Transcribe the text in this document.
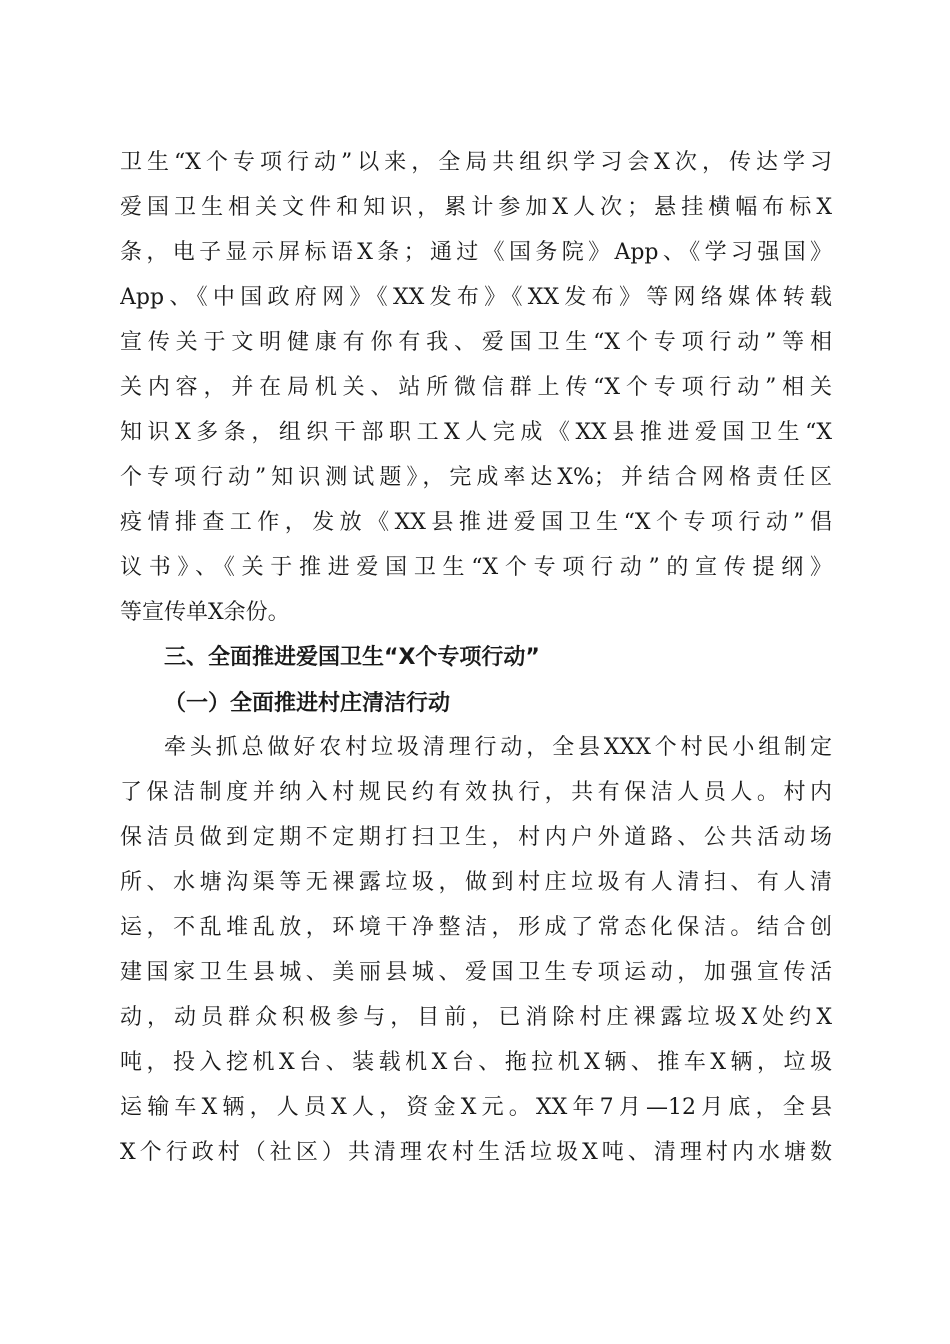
卫生“X个专项行动”以来，全局共组织学习会X次，传达学习
爱国卫生相关文件和知识，累计参加X人次；悬挂横幅布标X
条，电子显示屏标语X条；通过《国务院》App、《学习强国》
App、《中国政府网》《XX发布》《XX发布》等网络媒体转载
宣传关于文明健康有你有我、爱国卫生“X个专项行动”等相
关内容，并在局机关、站所微信群上传“X个专项行动”相关
知识X多条，组织干部职工X人完成《XX县推进爱国卫生“X
个专项行动”知识测试题》，完成率达X%；并结合网格责任区
疫情排查工作，发放《XX县推进爱国卫生“X个专项行动”倡
议书》、《关于推进爱国卫生“X个专项行动”的宣传提纲》
等宣传单X余份。
三、全面推进爱国卫生“X个专项行动”
（一）全面推进村庄清洁行动
牵头抓总做好农村垃圾清理行动，全县XXX个村民小组制定
了保洁制度并纳入村规民约有效执行，共有保洁人员人。村内
保洁员做到定期不定期打扫卫生，村内户外道路、公共活动场
所、水塘沟渠等无裸露垃圾，做到村庄垃圾有人清扫、有人清
运，不乱堆乱放，环境干净整洁，形成了常态化保洁。结合创
建国家卫生县城、美丽县城、爱国卫生专项运动，加强宣传活
动，动员群众积极参与，目前，已消除村庄裸露垃圾X处约X
吨，投入挖机X台、装载机X台、拖拉机X辆、推车X辆，垃圾
运输车X辆，人员X人，资金X元。XX年7月—12月底，全县
X个行政村（社区）共清理农村生活垃圾X吨、清理村内水塘数
